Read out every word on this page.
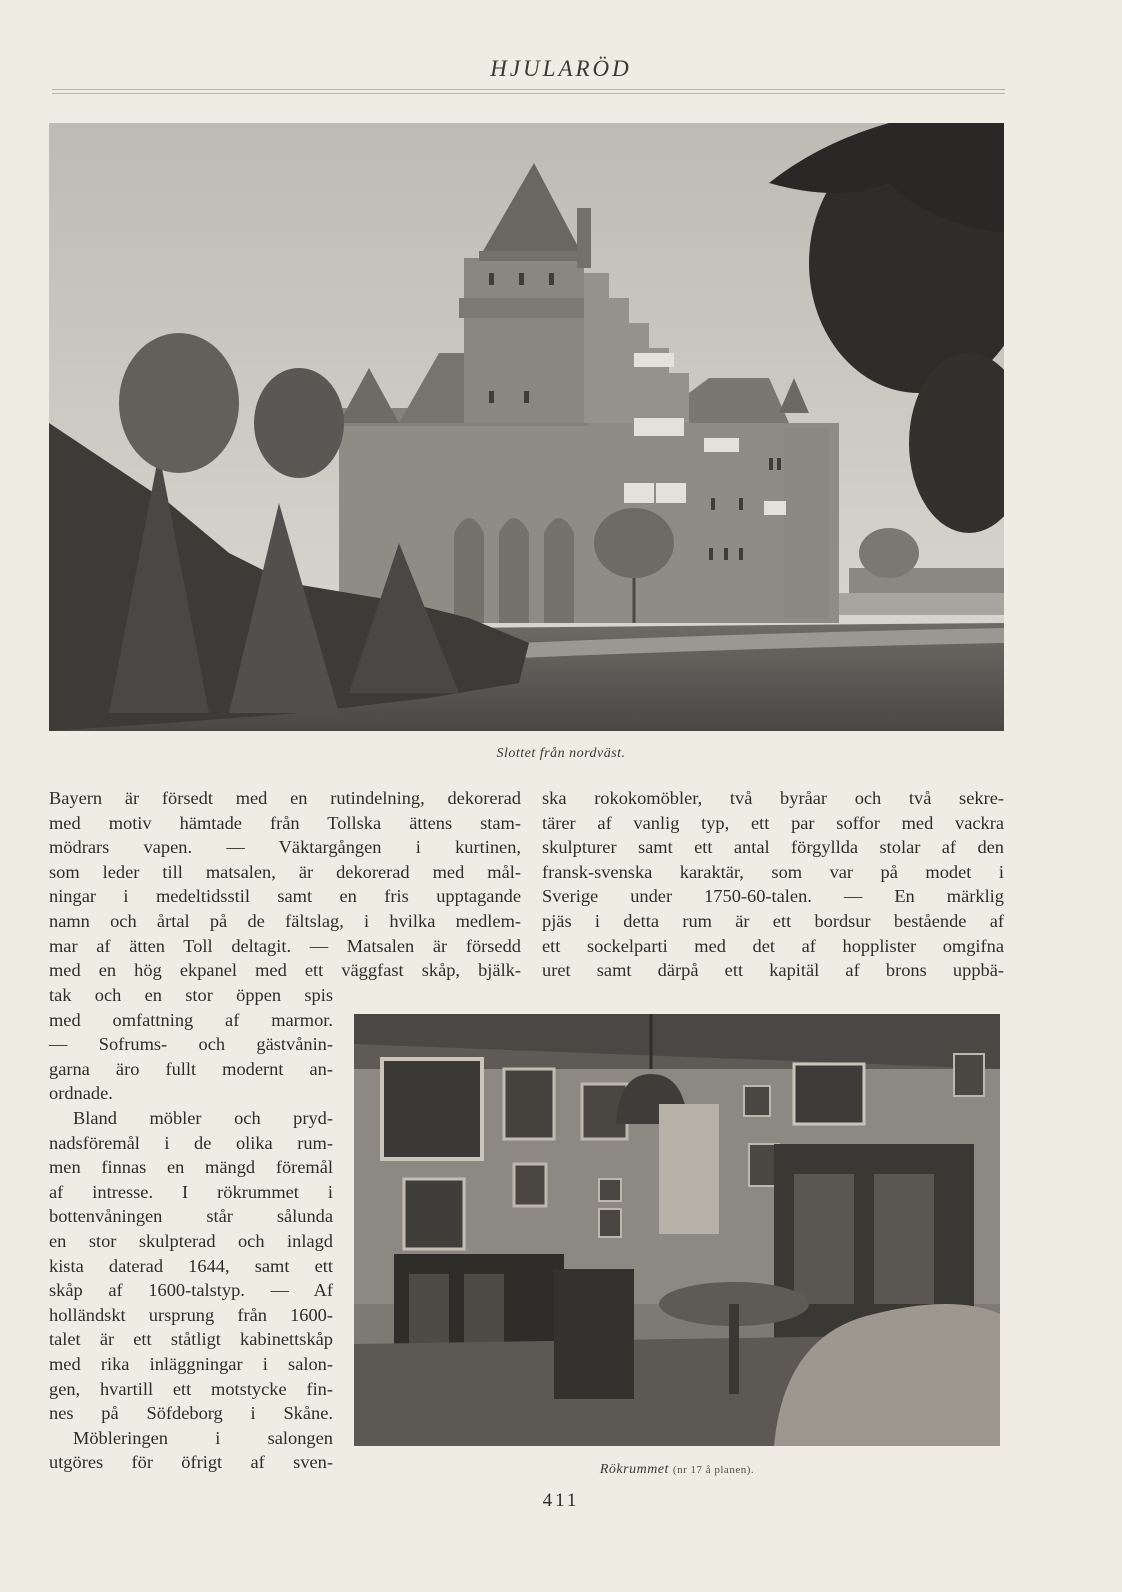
HJULARÖD
Slottet från nordväst.
Bayern är försedt med en rutindelning, dekorerad
med motiv hämtade från Tollska ättens stam-
mödrars vapen. — Väktargången i kurtinen,
som leder till matsalen, är dekorerad med mål-
ningar i medeltidsstil samt en fris upptagande
namn och årtal på de fältslag, i hvilka medlem-
mar af ätten Toll deltagit. — Matsalen är försedd
med en hög ekpanel med ett väggfast skåp, bjälk-
tak och en stor öppen spis
med omfattning af marmor.
— Sofrums- och gästvånin-
garna äro fullt modernt an-
ordnade.
Bland möbler och pryd-
nadsföremål i de olika rum-
men finnas en mängd föremål
af intresse. I rökrummet i
bottenvåningen står sålunda
en stor skulpterad och inlagd
kista daterad 1644, samt ett
skåp af 1600-talstyp. — Af
holländskt ursprung från 1600-
talet är ett ståtligt kabinettskåp
med rika inläggningar i salon-
gen, hvartill ett motstycke fin-
nes på Söfdeborg i Skåne.
Möbleringen i salongen
utgöres för öfrigt af sven-
ska rokokomöbler, två byråar och två sekre-
tärer af vanlig typ, ett par soffor med vackra
skulpturer samt ett antal förgyllda stolar af den
fransk-svenska karaktär, som var på modet i
Sverige under 1750-60-talen. — En märklig
pjäs i detta rum är ett bordsur bestående af
ett sockelparti med det af hopplister omgifna
uret samt därpå ett kapitäl af brons uppbä-
Rökrummet (nr 17 å planen).
411
